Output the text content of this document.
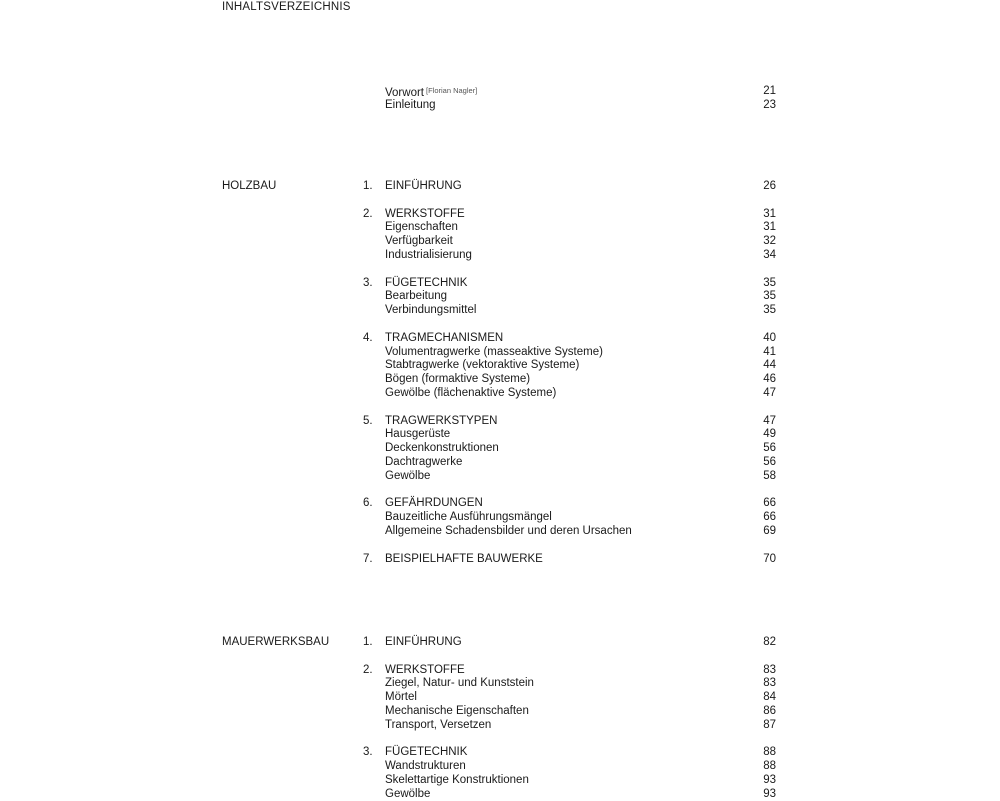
INHALTSVERZEICHNIS
Vorwort [Florian Nagler]	21
Einleitung	23
HOLZBAU	1. EINFÜHRUNG	26
2. WERKSTOFFE	31
Eigenschaften	31
Verfügbarkeit	32
Industrialisierung	34
3. FÜGETECHNIK	35
Bearbeitung	35
Verbindungsmittel	35
4. TRAGMECHANISMEN	40
Volumentragwerke (masseaktive Systeme)	41
Stabtragwerke (vektoraktive Systeme)	44
Bögen (formaktive Systeme)	46
Gewölbe (flächenaktive Systeme)	47
5. TRAGWERKSTYPEN	47
Hausgerüste	49
Deckenkonstruktionen	56
Dachtragwerke	56
Gewölbe	58
6. GEFÄHRDUNGEN	66
Bauzeitliche Ausführungsmängel	66
Allgemeine Schadensbilder und deren Ursachen	69
7. BEISPIELHAFTE BAUWERKE	70
MAUERWERKSBAU	1. EINFÜHRUNG	82
2. WERKSTOFFE	83
Ziegel, Natur- und Kunststein	83
Mörtel	84
Mechanische Eigenschaften	86
Transport, Versetzen	87
3. FÜGETECHNIK	88
Wandstrukturen	88
Skelettartige Konstruktionen	93
Gewölbe	93
